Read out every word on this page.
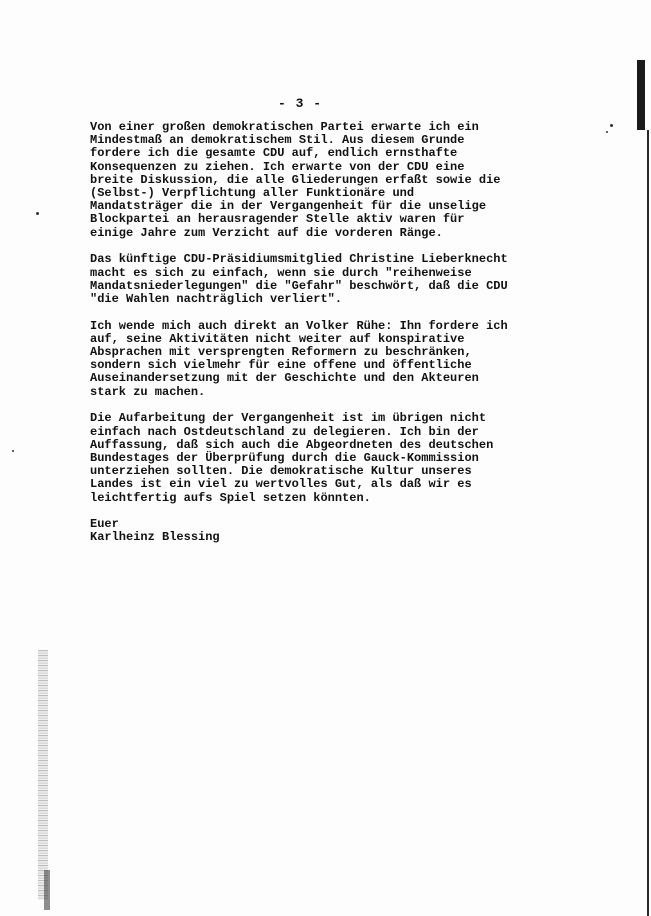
- 3 -

Von einer großen demokratischen Partei erwarte ich ein
Mindestmaß an demokratischem Stil. Aus diesem Grunde
fordere ich die gesamte CDU auf, endlich ernsthafte
Konsequenzen zu ziehen. Ich erwarte von der CDU eine
breite Diskussion, die alle Gliederungen erfaßt sowie die
(Selbst-) Verpflichtung aller Funktionäre und
Mandatsträger die in der Vergangenheit für die unselige
Blockpartei an herausragender Stelle aktiv waren für
einige Jahre zum Verzicht auf die vorderen Ränge.

Das künftige CDU-Präsidiumsmitglied Christine Lieberknecht
macht es sich zu einfach, wenn sie durch "reihenweise
Mandatsniederlegungen" die "Gefahr" beschwört, daß die CDU
"die Wahlen nachträglich verliert".

Ich wende mich auch direkt an Volker Rühe: Ihn fordere ich
auf, seine Aktivitäten nicht weiter auf konspirative
Absprachen mit versprengten Reformern zu beschränken,
sondern sich vielmehr für eine offene und öffentliche
Auseinandersetzung mit der Geschichte und den Akteuren
stark zu machen.

Die Aufarbeitung der Vergangenheit ist im übrigen nicht
einfach nach Ostdeutschland zu delegieren. Ich bin der
Auffassung, daß sich auch die Abgeordneten des deutschen
Bundestages der Überprüfung durch die Gauck-Kommission
unterziehen sollten. Die demokratische Kultur unseres
Landes ist ein viel zu wertvolles Gut, als daß wir es
leichtfertig aufs Spiel setzen könnten.

Euer

Karlheinz Blessing
